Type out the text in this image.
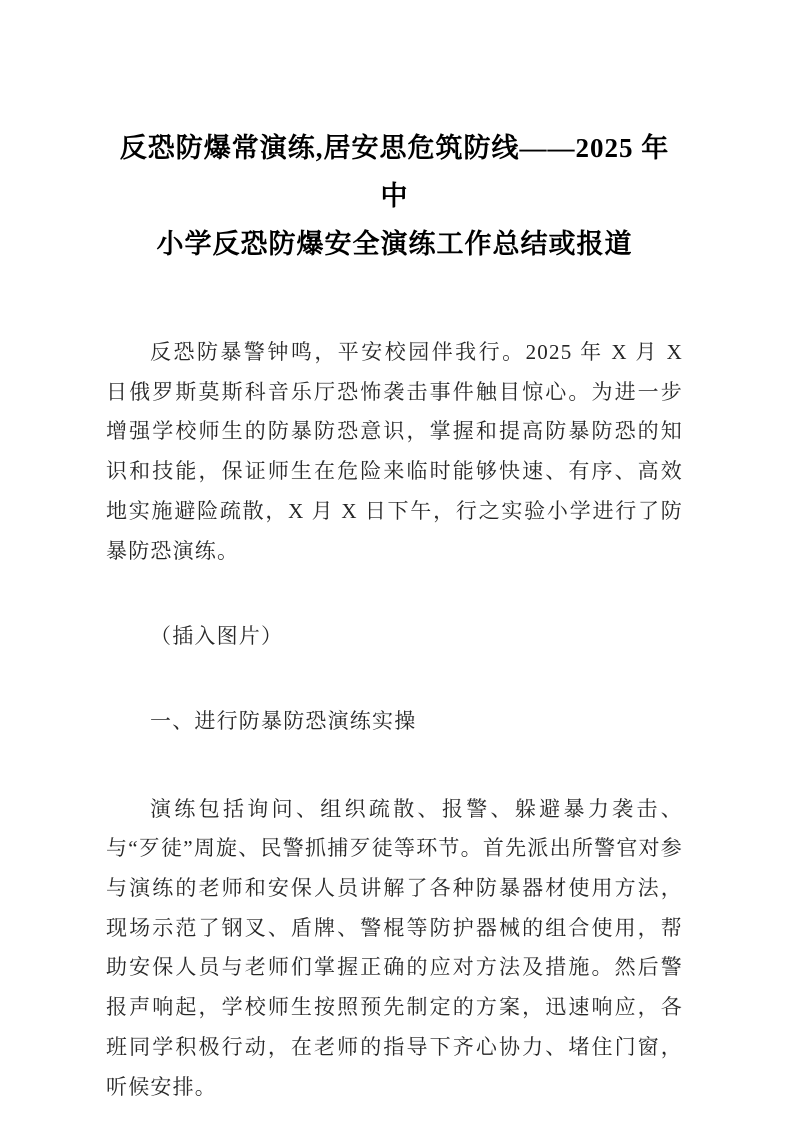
反恐防爆常演练,居安思危筑防线——2025 年中
小学反恐防爆安全演练工作总结或报道

反恐防暴警钟鸣，平安校园伴我行。2025 年 X 月 X 日俄罗斯莫斯科音乐厅恐怖袭击事件触目惊心。为进一步增强学校师生的防暴防恐意识，掌握和提高防暴防恐的知识和技能，保证师生在危险来临时能够快速、有序、高效地实施避险疏散，X 月 X 日下午，行之实验小学进行了防暴防恐演练。

（插入图片）

一、进行防暴防恐演练实操

演练包括询问、组织疏散、报警、躲避暴力袭击、与“歹徒”周旋、民警抓捕歹徒等环节。首先派出所警官对参与演练的老师和安保人员讲解了各种防暴器材使用方法，现场示范了钢叉、盾牌、警棍等防护器械的组合使用，帮助安保人员与老师们掌握正确的应对方法及措施。然后警报声响起，学校师生按照预先制定的方案，迅速响应，各班同学积极行动，在老师的指导下齐心协力、堵住门窗，听候安排。
